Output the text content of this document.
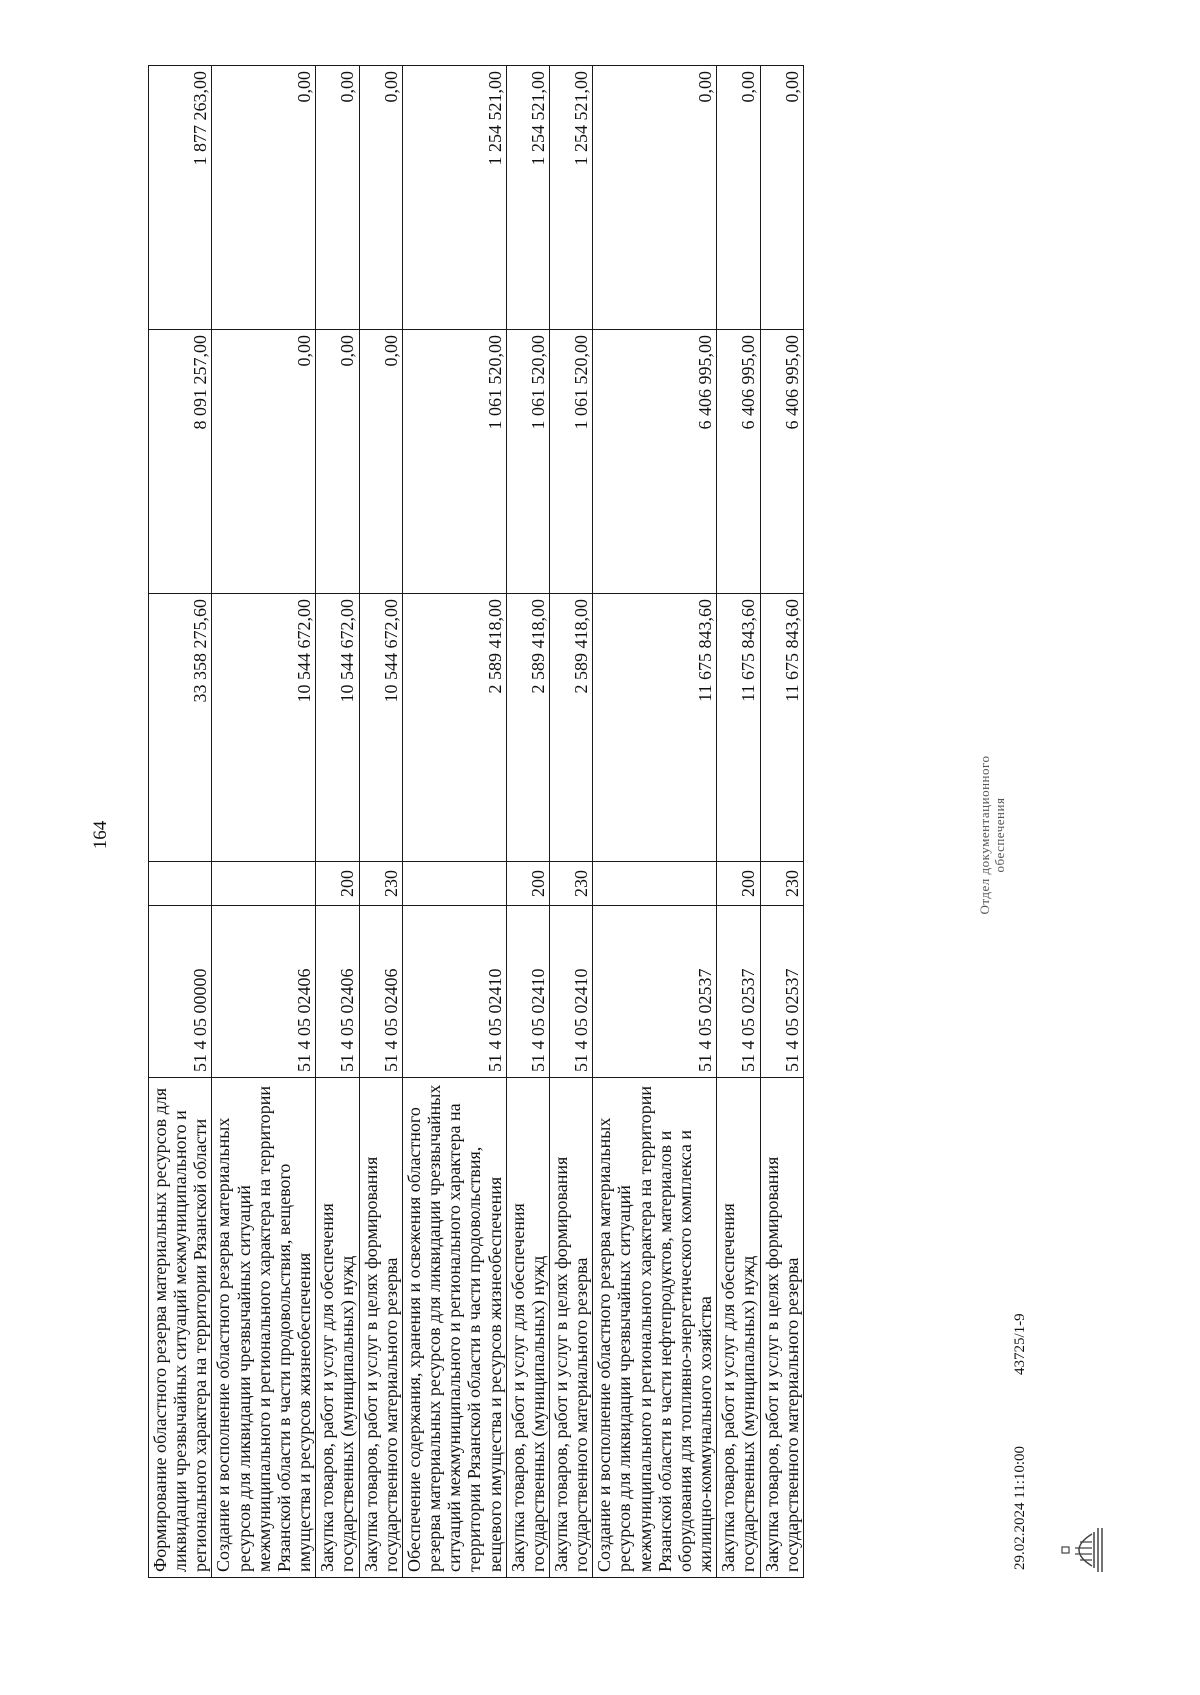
164
Формирование областного резерва материальных ресурсов для ликвидации чрезвычайных ситуаций межмуниципального и регионального характера на территории Рязанской области	51 4 05 00000		33 358 275,60	8 091 257,00	1 877 263,00
Создание и восполнение областного резерва материальных ресурсов для ликвидации чрезвычайных ситуаций межмуниципального и регионального характера на территории Рязанской области в части продовольствия, вещевого имущества и ресурсов жизнеобеспечения	51 4 05 02406		10 544 672,00	0,00	0,00
Закупка товаров, работ и услуг для обеспечения государственных (муниципальных) нужд	51 4 05 02406	200	10 544 672,00	0,00	0,00
Закупка товаров, работ и услуг в целях формирования государственного материального резерва	51 4 05 02406	230	10 544 672,00	0,00	0,00
Обеспечение содержания, хранения и освежения областного резерва материальных ресурсов для ликвидации чрезвычайных ситуаций межмуниципального и регионального характера на территории Рязанской области в части продовольствия, вещевого имущества и ресурсов жизнеобеспечения	51 4 05 02410		2 589 418,00	1 061 520,00	1 254 521,00
Закупка товаров, работ и услуг для обеспечения государственных (муниципальных) нужд	51 4 05 02410	200	2 589 418,00	1 061 520,00	1 254 521,00
Закупка товаров, работ и услуг в целях формирования государственного материального резерва	51 4 05 02410	230	2 589 418,00	1 061 520,00	1 254 521,00
Создание и восполнение областного резерва материальных ресурсов для ликвидации чрезвычайных ситуаций межмуниципального и регионального характера на территории Рязанской области в части нефтепродуктов, материалов и оборудования для топливно-энергетического комплекса и жилищно-коммунального хозяйства	51 4 05 02537		11 675 843,60	6 406 995,00	0,00
Закупка товаров, работ и услуг для обеспечения государственных (муниципальных) нужд	51 4 05 02537	200	11 675 843,60	6 406 995,00	0,00
Закупка товаров, работ и услуг в целях формирования государственного материального резерва	51 4 05 02537	230	11 675 843,60	6 406 995,00	0,00
29.02.2024 11:10:00
43725/1-9
Отдел документационного обеспечения
